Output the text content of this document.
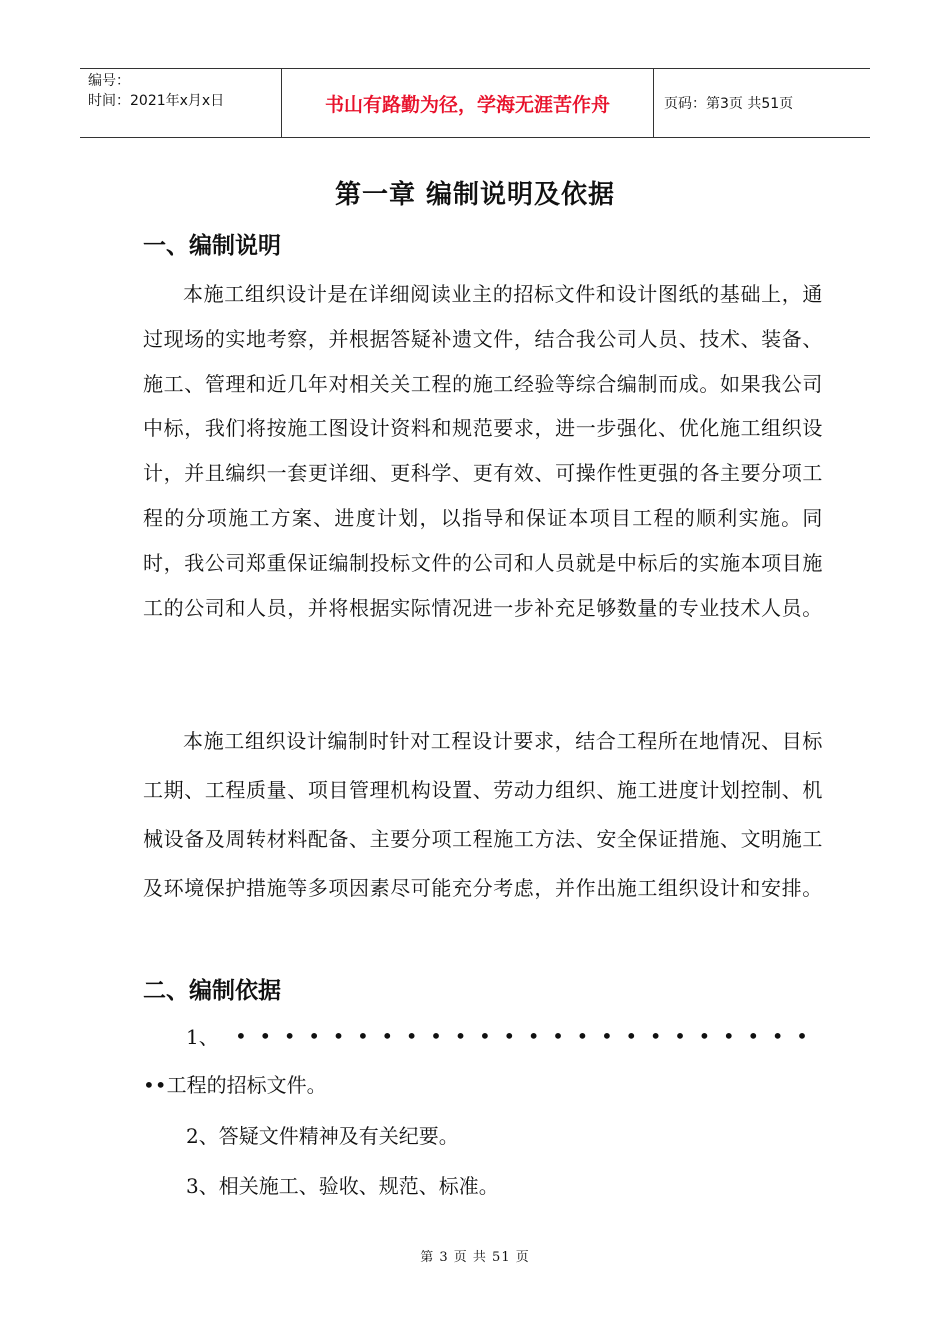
编号：
时间：2021年x月x日	书山有路勤为径，学海无涯苦作舟	页码：第3页 共51页
第一章 编制说明及依据
一、编制说明
本施工组织设计是在详细阅读业主的招标文件和设计图纸的基础上，通过现场的实地考察，并根据答疑补遗文件，结合我公司人员、技术、装备、施工、管理和近几年对相关关工程的施工经验等综合编制而成。如果我公司中标，我们将按施工图设计资料和规范要求，进一步强化、优化施工组织设计，并且编织一套更详细、更科学、更有效、可操作性更强的各主要分项工程的分项施工方案、进度计划，以指导和保证本项目工程的顺利实施。同时，我公司郑重保证编制投标文件的公司和人员就是中标后的实施本项目施工的公司和人员，并将根据实际情况进一步补充足够数量的专业技术人员。
本施工组织设计编制时针对工程设计要求，结合工程所在地情况、目标工期、工程质量、项目管理机构设置、劳动力组织、施工进度计划控制、机械设备及周转材料配备、主要分项工程施工方法、安全保证措施、文明施工及环境保护措施等多项因素尽可能充分考虑，并作出施工组织设计和安排。
二、编制依据
1、 ••••••••••••••••••••••••
••工程的招标文件。
2、答疑文件精神及有关纪要。
3、相关施工、验收、规范、标准。
第 3 页 共 51 页
